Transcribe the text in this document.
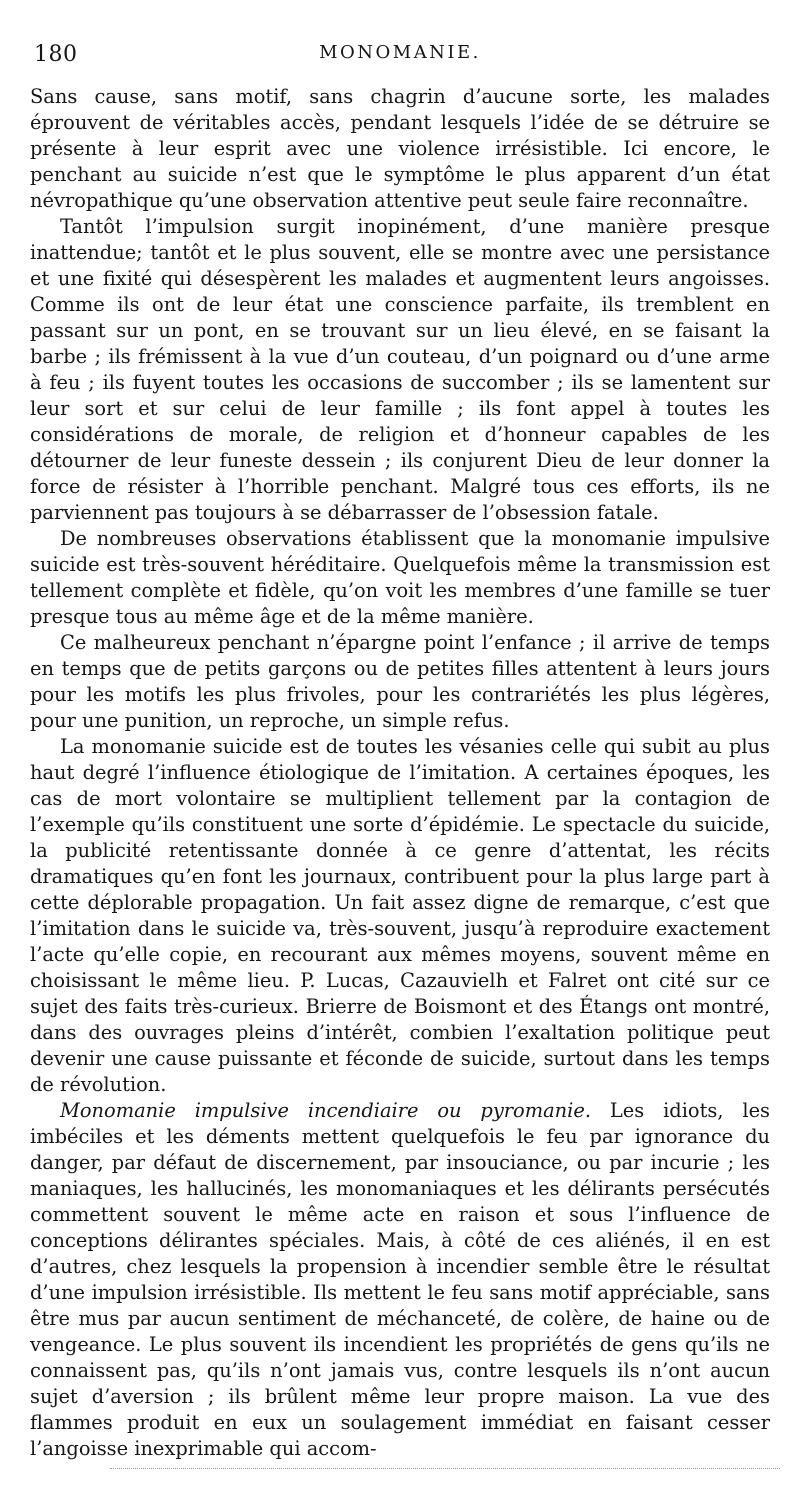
180	MONOMANIE.

Sans cause, sans motif, sans chagrin d’aucune sorte, les malades éprouvent de véritables accès, pendant lesquels l’idée de se détruire se présente à leur esprit avec une violence irrésistible. Ici encore, le penchant au suicide n’est que le symptôme le plus apparent d’un état névropathique qu’une observation attentive peut seule faire reconnaître.

Tantôt l’impulsion surgit inopinément, d’une manière presque inattendue; tantôt et le plus souvent, elle se montre avec une persistance et une fixité qui désespèrent les malades et augmentent leurs angoisses. Comme ils ont de leur état une conscience parfaite, ils tremblent en passant sur un pont, en se trouvant sur un lieu élevé, en se faisant la barbe ; ils frémissent à la vue d’un couteau, d’un poignard ou d’une arme à feu ; ils fuyent toutes les occasions de succomber ; ils se lamentent sur leur sort et sur celui de leur famille ; ils font appel à toutes les considérations de morale, de religion et d’honneur capables de les détourner de leur funeste dessein ; ils conjurent Dieu de leur donner la force de résister à l’horrible penchant. Malgré tous ces efforts, ils ne parviennent pas toujours à se débarrasser de l’obsession fatale.

De nombreuses observations établissent que la monomanie impulsive suicide est très-souvent héréditaire. Quelquefois même la transmission est tellement complète et fidèle, qu’on voit les membres d’une famille se tuer presque tous au même âge et de la même manière.

Ce malheureux penchant n’épargne point l’enfance ; il arrive de temps en temps que de petits garçons ou de petites filles attentent à leurs jours pour les motifs les plus frivoles, pour les contrariétés les plus légères, pour une punition, un reproche, un simple refus.

La monomanie suicide est de toutes les vésanies celle qui subit au plus haut degré l’influence étiologique de l’imitation. A certaines époques, les cas de mort volontaire se multiplient tellement par la contagion de l’exemple qu’ils constituent une sorte d’épidémie. Le spectacle du suicide, la publicité retentissante donnée à ce genre d’attentat, les récits dramatiques qu’en font les journaux, contribuent pour la plus large part à cette déplorable propagation. Un fait assez digne de remarque, c’est que l’imitation dans le suicide va, très-souvent, jusqu’à reproduire exactement l’acte qu’elle copie, en recourant aux mêmes moyens, souvent même en choisissant le même lieu. P. Lucas, Cazauvielh et Falret ont cité sur ce sujet des faits très-curieux. Brierre de Boismont et des Étangs ont montré, dans des ouvrages pleins d’intérêt, combien l’exaltation politique peut devenir une cause puissante et féconde de suicide, surtout dans les temps de révolution.

Monomanie impulsive incendiaire ou pyromanie. Les idiots, les imbéciles et les déments mettent quelquefois le feu par ignorance du danger, par défaut de discernement, par insouciance, ou par incurie ; les maniaques, les hallucinés, les monomaniaques et les délirants persécutés commettent souvent le même acte en raison et sous l’influence de conceptions délirantes spéciales. Mais, à côté de ces aliénés, il en est d’autres, chez lesquels la propension à incendier semble être le résultat d’une impulsion irrésistible. Ils mettent le feu sans motif appréciable, sans être mus par aucun sentiment de méchanceté, de colère, de haine ou de vengeance. Le plus souvent ils incendient les propriétés de gens qu’ils ne connaissent pas, qu’ils n’ont jamais vus, contre lesquels ils n’ont aucun sujet d’aversion ; ils brûlent même leur propre maison. La vue des flammes produit en eux un soulagement immédiat en faisant cesser l’angoisse inexprimable qui accom-
